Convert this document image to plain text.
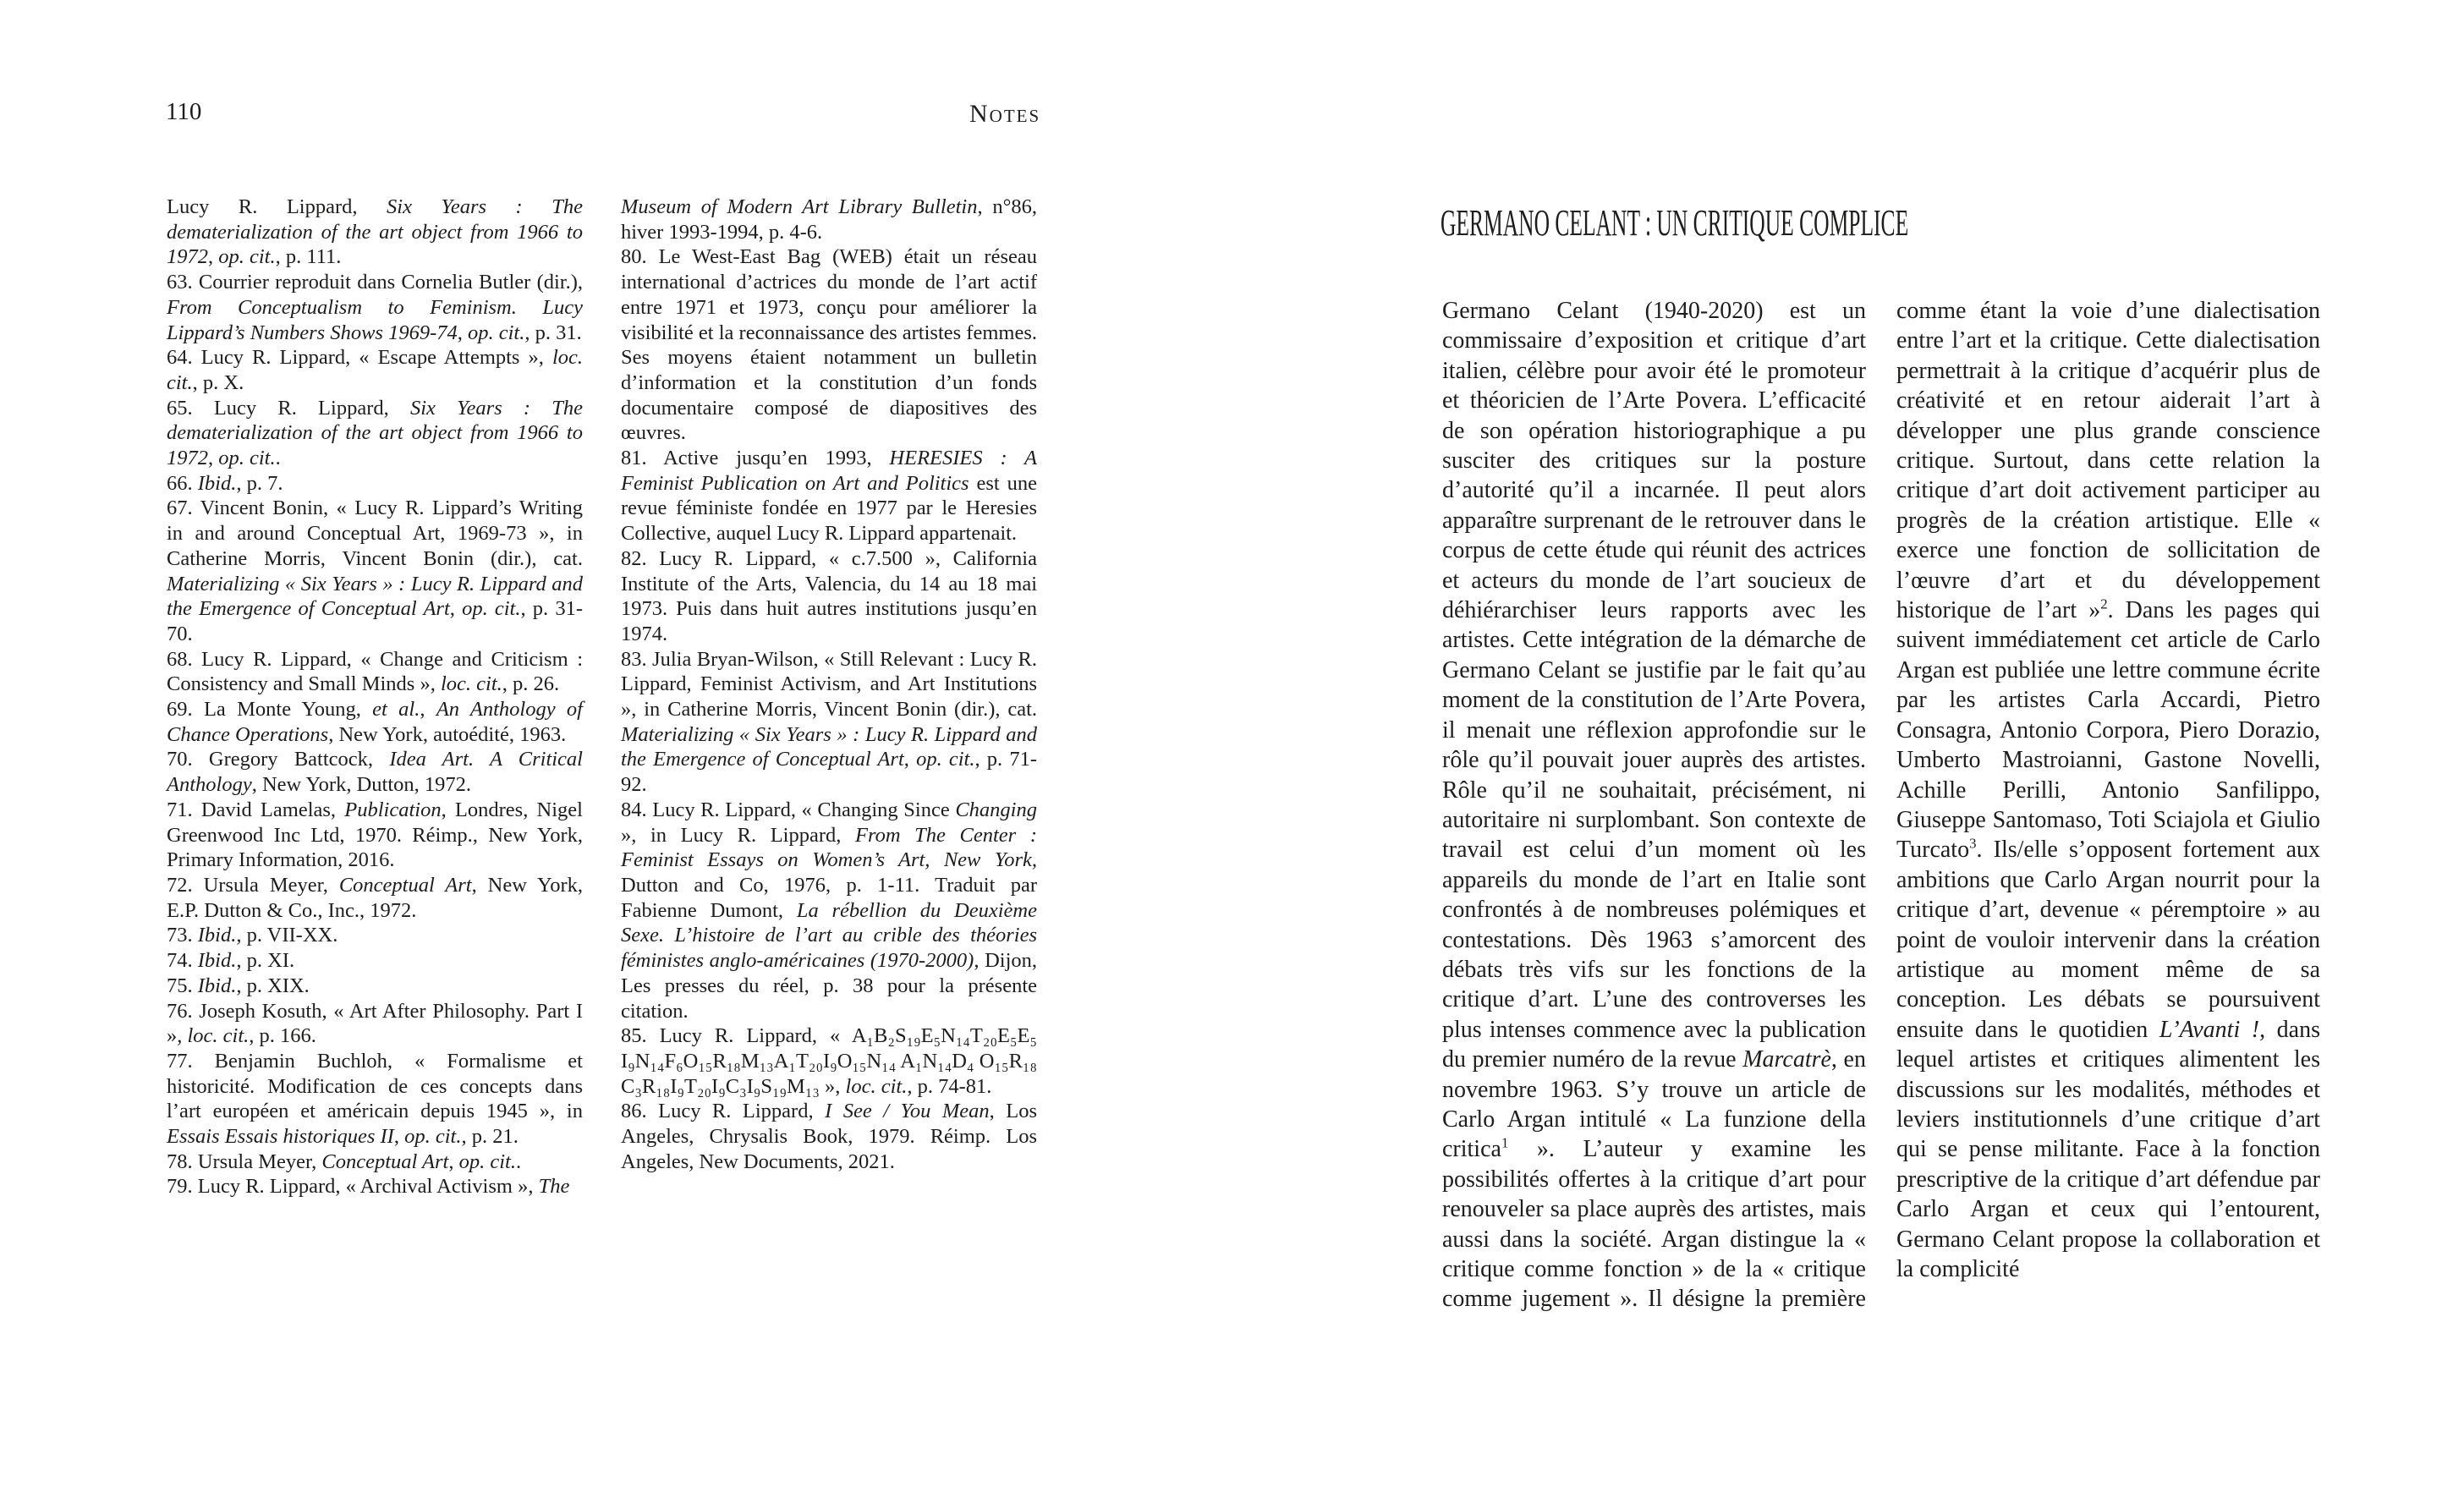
110	Notes

Lucy R. Lippard, Six Years : The dematerialization of the art object from 1966 to 1972, op. cit., p. 111.

63. Courrier reproduit dans Cornelia Butler (dir.), From Conceptualism to Feminism. Lucy Lippard’s Numbers Shows 1969-74, op. cit., p. 31.

64. Lucy R. Lippard, « Escape Attempts », loc. cit., p. X.

65. Lucy R. Lippard, Six Years : The dematerialization of the art object from 1966 to 1972, op. cit..

66. Ibid., p. 7.

67. Vincent Bonin, « Lucy R. Lippard’s Writing in and around Conceptual Art, 1969-73 », in Catherine Morris, Vincent Bonin (dir.), cat. Materializing « Six Years » : Lucy R. Lippard and the Emergence of Conceptual Art, op. cit., p. 31-70.

68. Lucy R. Lippard, « Change and Criticism : Consistency and Small Minds », loc. cit., p. 26.

69. La Monte Young, et al., An Anthology of Chance Operations, New York, autoédité, 1963.

70. Gregory Battcock, Idea Art. A Critical Anthology, New York, Dutton, 1972.

71. David Lamelas, Publication, Londres, Nigel Greenwood Inc Ltd, 1970. Réimp., New York, Primary Information, 2016.

72. Ursula Meyer, Conceptual Art, New York, E.P. Dutton & Co., Inc., 1972.

73. Ibid., p. VII-XX.

74. Ibid., p. XI.

75. Ibid., p. XIX.

76. Joseph Kosuth, « Art After Philosophy. Part I », loc. cit., p. 166.

77. Benjamin Buchloh, « Formalisme et historicité. Modification de ces concepts dans l’art européen et américain depuis 1945 », in Essais Essais historiques II, op. cit., p. 21.

78. Ursula Meyer, Conceptual Art, op. cit..

79. Lucy R. Lippard, « Archival Activism », The

Museum of Modern Art Library Bulletin, n°86, hiver 1993-1994, p. 4-6.

80. Le West-East Bag (WEB) était un réseau international d’actrices du monde de l’art actif entre 1971 et 1973, conçu pour améliorer la visibilité et la reconnaissance des artistes femmes. Ses moyens étaient notamment un bulletin d’information et la constitution d’un fonds documentaire composé de diapositives des œuvres.

81. Active jusqu’en 1993, HERESIES : A Feminist Publication on Art and Politics est une revue féministe fondée en 1977 par le Heresies Collective, auquel Lucy R. Lippard appartenait.

82. Lucy R. Lippard, « c.7.500 », California Institute of the Arts, Valencia, du 14 au 18 mai 1973. Puis dans huit autres institutions jusqu’en 1974.

83. Julia Bryan-Wilson, « Still Relevant : Lucy R. Lippard, Feminist Activism, and Art Institutions », in Catherine Morris, Vincent Bonin (dir.), cat. Materializing « Six Years » : Lucy R. Lippard and the Emergence of Conceptual Art, op. cit., p. 71-92.

84. Lucy R. Lippard, « Changing Since Changing », in Lucy R. Lippard, From The Center : Feminist Essays on Women’s Art, New York, Dutton and Co, 1976, p. 1-11. Traduit par Fabienne Dumont, La rébellion du Deuxième Sexe. L’histoire de l’art au crible des théories féministes anglo-américaines (1970-2000), Dijon, Les presses du réel, p. 38 pour la présente citation.

85. Lucy R. Lippard, « A₁B₂S₁₉E₅N₁₄T₂₀E₅E₅ I₉N₁₄F₆O₁₅R₁₈M₁₃A₁T₂₀I₉O₁₅N₁₄ A₁N₁₄D₄ O₁₅R₁₈ C₃R₁₈I₉T₂₀I₉C₃I₉S₁₉M₁₃ », loc. cit., p. 74-81.

86. Lucy R. Lippard, I See / You Mean, Los Angeles, Chrysalis Book, 1979. Réimp. Los Angeles, New Documents, 2021.

GERMANO CELANT : UN CRITIQUE COMPLICE

Germano Celant (1940-2020) est un commissaire d’exposition et critique d’art italien, célèbre pour avoir été le promoteur et théoricien de l’Arte Povera. L’efficacité de son opération historiographique a pu susciter des critiques sur la posture d’autorité qu’il a incarnée. Il peut alors apparaître surprenant de le retrouver dans le corpus de cette étude qui réunit des actrices et acteurs du monde de l’art soucieux de déhiérarchiser leurs rapports avec les artistes. Cette intégration de la démarche de Germano Celant se justifie par le fait qu’au moment de la constitution de l’Arte Povera, il menait une réflexion approfondie sur le rôle qu’il pouvait jouer auprès des artistes. Rôle qu’il ne souhaitait, précisément, ni autoritaire ni surplombant. Son contexte de travail est celui d’un moment où les appareils du monde de l’art en Italie sont confrontés à de nombreuses polémiques et contestations. Dès 1963 s’amorcent des débats très vifs sur les fonctions de la critique d’art. L’une des controverses les plus intenses commence avec la publication du premier numéro de la revue Marcatrè, en novembre 1963. S’y trouve un article de Carlo Argan intitulé « La funzione della critica$^1$ ». L’auteur y examine les possibilités offertes à la critique d’art pour renouveler sa place auprès des artistes, mais aussi dans la société. Argan distingue la « critique comme fonction » de la « critique comme jugement ». Il désigne la première comme étant la voie d’une dialectisation entre l’art et la critique. Cette dialectisation permettrait à la critique d’acquérir plus de créativité et en retour aiderait l’art à développer une plus grande conscience critique. Surtout, dans cette relation la critique d’art doit activement participer au progrès de la création artistique. Elle « exerce une fonction de sollicitation de l’œuvre d’art et du développement historique de l’art »$^2$. Dans les pages qui suivent immédiatement cet article de Carlo Argan est publiée une lettre commune écrite par les artistes Carla Accardi, Pietro Consagra, Antonio Corpora, Piero Dorazio, Umberto Mastroianni, Gastone Novelli, Achille Perilli, Antonio Sanfilippo, Giuseppe Santomaso, Toti Sciajola et Giulio Turcato$^3$. Ils/elle s’opposent fortement aux ambitions que Carlo Argan nourrit pour la critique d’art, devenue « péremptoire » au point de vouloir intervenir dans la création artistique au moment même de sa conception. Les débats se poursuivent ensuite dans le quotidien L’Avanti !, dans lequel artistes et critiques alimentent les discussions sur les modalités, méthodes et leviers institutionnels d’une critique d’art qui se pense militante. Face à la fonction prescriptive de la critique d’art défendue par Carlo Argan et ceux qui l’entourent, Germano Celant propose la collaboration et la complicité
